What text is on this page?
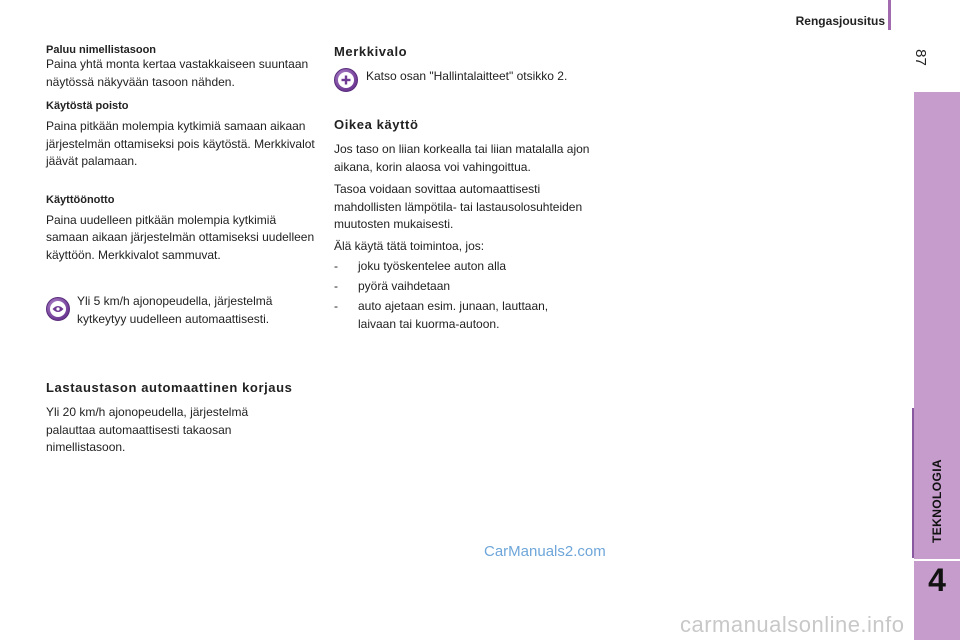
Rengasjousitus
87

Paluu nimellistasoon

Paina yhtä monta kertaa vastakkaiseen suuntaan näytössä näkyvään tasoon nähden.

Käytöstä poisto

Paina pitkään molempia kytkimiä samaan aikaan järjestelmän ottamiseksi pois käytöstä. Merkkivalot jäävät palamaan.

Käyttöönotto

Paina uudelleen pitkään molempia kytkimiä samaan aikaan järjestelmän ottamiseksi uudelleen käyttöön. Merkkivalot sammuvat.

Yli 5 km/h ajonopeudella, järjestelmä kytkeytyy uudelleen automaattisesti.

Lastaustason automaattinen korjaus

Yli 20 km/h ajonopeudella, järjestelmä palauttaa automaattisesti takaosan nimellistasoon.

Merkkivalo

Katso osan "Hallintalaitteet" otsikko 2.

Oikea käyttö

Jos taso on liian korkealla tai liian matalalla ajon aikana, korin alaosa voi vahingoittua.

Tasoa voidaan sovittaa automaattisesti mahdollisten lämpötila- tai lastausolosuhteiden muutosten mukaisesti.

Älä käytä tätä toimintoa, jos:

-	joku työskentelee auton alla
-	pyörä vaihdetaan
-	auto ajetaan esim. junaan, lauttaan, laivaan tai kuorma-autoon.
TEKNOLOGIA
4
CarManuals2.com
carmanualsonline.info
